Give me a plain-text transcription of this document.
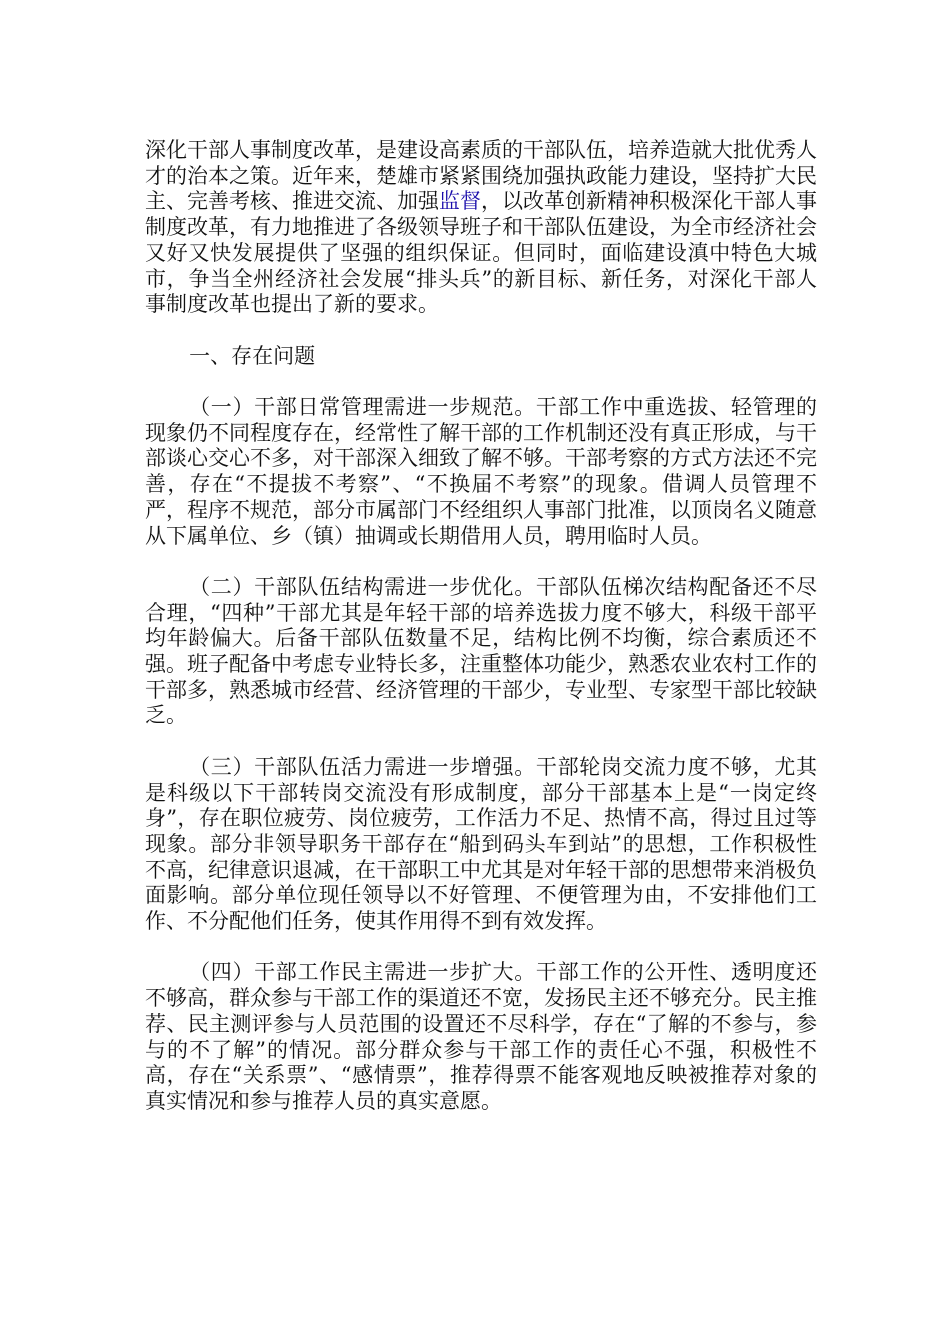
深化干部人事制度改革，是建设高素质的干部队伍，培养造就大批优秀人才的治本之策。近年来，楚雄市紧紧围绕加强执政能力建设，坚持扩大民主、完善考核、推进交流、加强监督，以改革创新精神积极深化干部人事制度改革，有力地推进了各级领导班子和干部队伍建设，为全市经济社会又好又快发展提供了坚强的组织保证。但同时，面临建设滇中特色大城市，争当全州经济社会发展“排头兵”的新目标、新任务，对深化干部人事制度改革也提出了新的要求。

一、存在问题

（一）干部日常管理需进一步规范。干部工作中重选拔、轻管理的现象仍不同程度存在，经常性了解干部的工作机制还没有真正形成，与干部谈心交心不多，对干部深入细致了解不够。干部考察的方式方法还不完善，存在“不提拔不考察”、“不换届不考察”的现象。借调人员管理不严，程序不规范，部分市属部门不经组织人事部门批准，以顶岗名义随意从下属单位、乡（镇）抽调或长期借用人员，聘用临时人员。

（二）干部队伍结构需进一步优化。干部队伍梯次结构配备还不尽合理，“四种”干部尤其是年轻干部的培养选拔力度不够大，科级干部平均年龄偏大。后备干部队伍数量不足，结构比例不均衡，综合素质还不强。班子配备中考虑专业特长多，注重整体功能少，熟悉农业农村工作的干部多，熟悉城市经营、经济管理的干部少，专业型、专家型干部比较缺乏。

（三）干部队伍活力需进一步增强。干部轮岗交流力度不够，尤其是科级以下干部转岗交流没有形成制度，部分干部基本上是“一岗定终身”，存在职位疲劳、岗位疲劳，工作活力不足、热情不高，得过且过等现象。部分非领导职务干部存在“船到码头车到站”的思想，工作积极性不高，纪律意识退减，在干部职工中尤其是对年轻干部的思想带来消极负面影响。部分单位现任领导以不好管理、不便管理为由，不安排他们工作、不分配他们任务，使其作用得不到有效发挥。

（四）干部工作民主需进一步扩大。干部工作的公开性、透明度还不够高，群众参与干部工作的渠道还不宽，发扬民主还不够充分。民主推荐、民主测评参与人员范围的设置还不尽科学，存在“了解的不参与，参与的不了解”的情况。部分群众参与干部工作的责任心不强，积极性不高，存在“关系票”、“感情票”，推荐得票不能客观地反映被推荐对象的真实情况和参与推荐人员的真实意愿。
